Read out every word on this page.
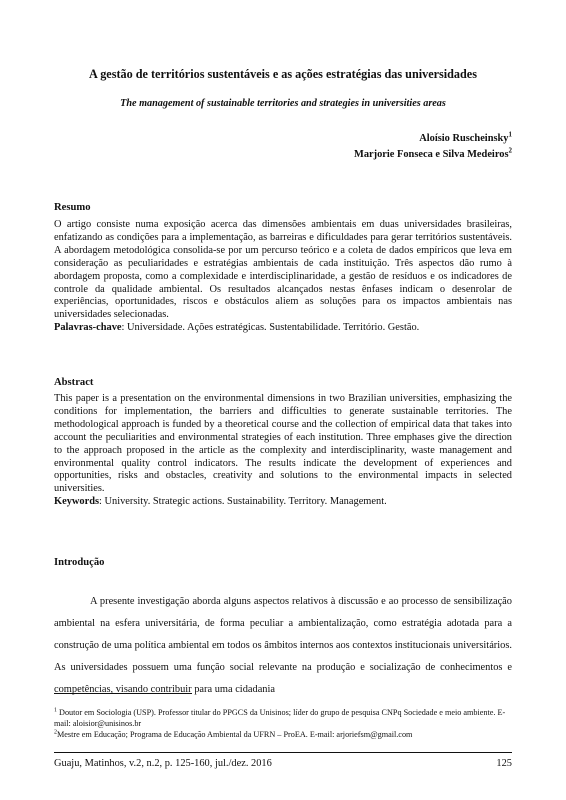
A gestão de territórios sustentáveis e as ações estratégias das universidades
The management of sustainable territories and strategies in universities areas
Aloísio Ruscheinsky$^1$
Marjorie Fonseca e Silva Medeiros$^2$
Resumo
O artigo consiste numa exposição acerca das dimensões ambientais em duas universidades brasileiras, enfatizando as condições para a implementação, as barreiras e dificuldades para gerar territórios sustentáveis. A abordagem metodológica consolida-se por um percurso teórico e a coleta de dados empíricos que leva em consideração as peculiaridades e estratégias ambientais de cada instituição. Três aspectos dão rumo à abordagem proposta, como a complexidade e interdisciplinaridade, a gestão de resíduos e os indicadores de controle da qualidade ambiental. Os resultados alcançados nestas ênfases indicam o desenrolar de experiências, oportunidades, riscos e obstáculos aliem as soluções para os impactos ambientais nas universidades selecionadas.
Palavras-chave: Universidade. Ações estratégicas. Sustentabilidade. Território. Gestão.
Abstract
This paper is a presentation on the environmental dimensions in two Brazilian universities, emphasizing the conditions for implementation, the barriers and difficulties to generate sustainable territories. The methodological approach is funded by a theoretical course and the collection of empirical data that takes into account the peculiarities and environmental strategies of each institution. Three emphases give the direction to the approach proposed in the article as the complexity and interdisciplinarity, waste management and environmental quality control indicators. The results indicate the development of experiences and opportunities, risks and obstacles, creativity and solutions to the environmental impacts in selected universities.
Keywords: University. Strategic actions. Sustainability. Territory. Management.
Introdução
A presente investigação aborda alguns aspectos relativos à discussão e ao processo de sensibilização ambiental na esfera universitária, de forma peculiar a ambientalização, como estratégia adotada para a construção de uma política ambiental em todos os âmbitos internos aos contextos institucionais universitários. As universidades possuem uma função social relevante na produção e socialização de conhecimentos e competências, visando contribuir para uma cidadania

$^1$ Doutor em Sociologia (USP). Professor titular do PPGCS da Unisinos; líder do grupo de pesquisa CNPq Sociedade e meio ambiente. E-mail: aloisior@unisinos.br

$^2$Mestre em Educação; Programa de Educação Ambiental da UFRN – ProEA. E-mail: arjoriefsm@gmail.com

Guaju, Matinhos, v.2, n.2, p. 125-160, jul./dez. 2016	125
